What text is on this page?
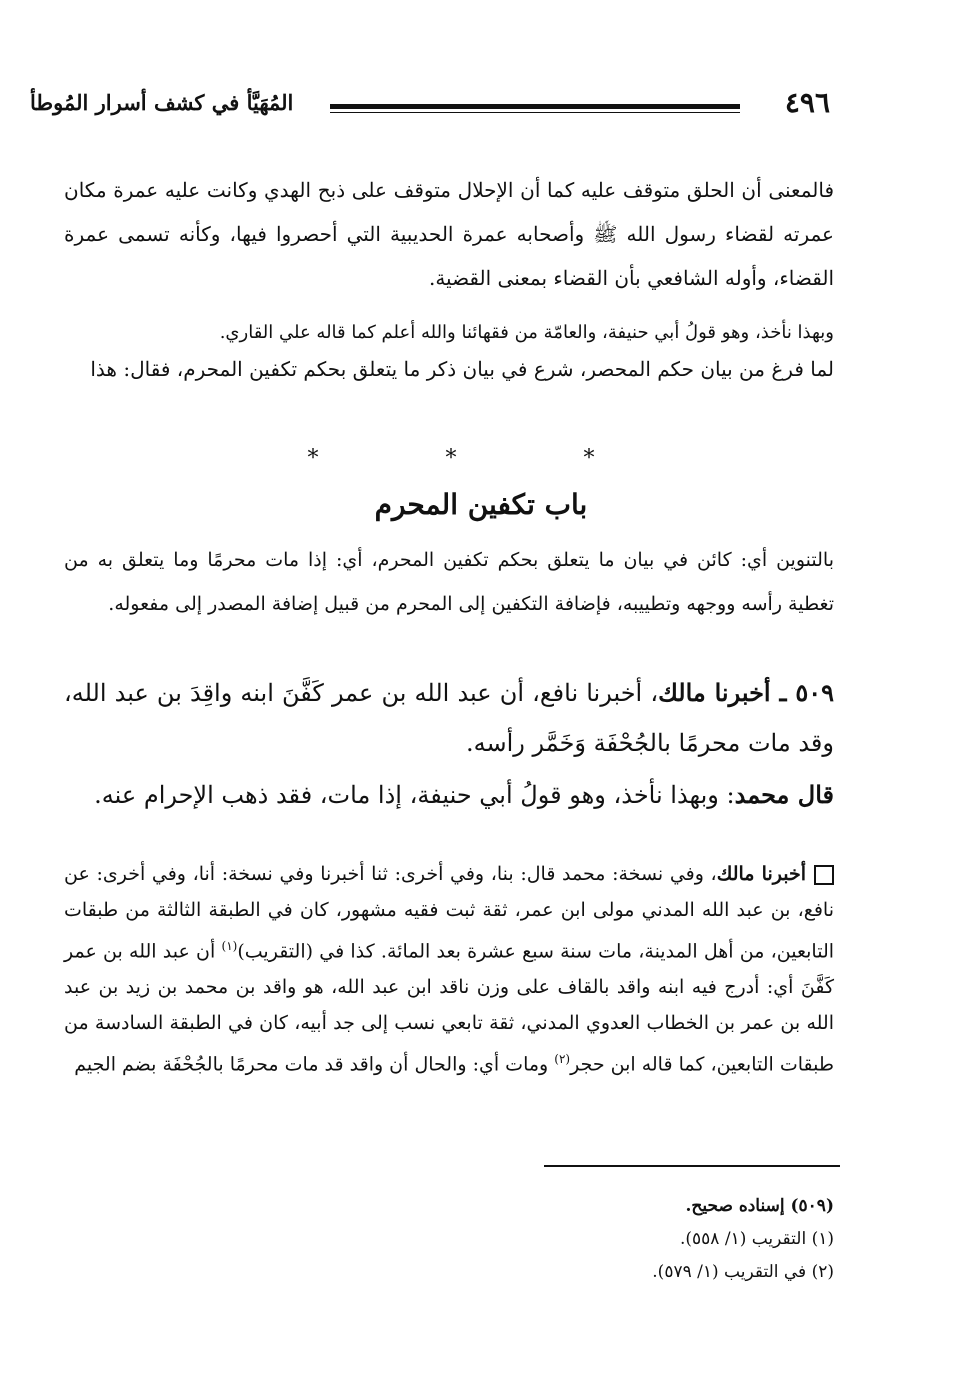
٤٩٦
المُهَيَّأ في كشف أسرار المُوطأ

فالمعنى أن الحلق متوقف عليه كما أن الإحلال متوقف على ذبح الهدي وكانت عليه عمرة مكان عمرته لقضاء رسول الله ﷺ وأصحابه عمرة الحديبية التي أحصروا فيها، وكأنه تسمى عمرة القضاء، وأوله الشافعي بأن القضاء بمعنى القضية.

وبهذا نأخذ، وهو قولُ أبي حنيفة، والعامّة من فقهائنا والله أعلم كما قاله علي القاري.

لما فرغ من بيان حكم المحصر، شرع في بيان ذكر ما يتعلق بحكم تكفين المحرم، فقال: هذا

* * *
باب تكفين المحرم

بالتنوين أي: كائن في بيان ما يتعلق بحكم تكفين المحرم، أي: إذا مات محرمًا وما يتعلق به من تغطية رأسه ووجهه وتطييبه، فإضافة التكفين إلى المحرم من قبيل إضافة المصدر إلى مفعوله.

٥٠٩ ـ أخبرنا مالك، أخبرنا نافع، أن عبد الله بن عمر كَفَّنَ ابنه واقِدَ بن عبد الله، وقد مات محرمًا بالجُحْفَة وَخَمَّر رأسه.

قال محمد: وبهذا نأخذ، وهو قولُ أبي حنيفة، إذا مات، فقد ذهب الإحرام عنه.

أخبرنا مالك، وفي نسخة: محمد قال: بنا، وفي أخرى: ثنا أخبرنا وفي نسخة: أنا، وفي أخرى: عن نافع، بن عبد الله المدني مولى ابن عمر، ثقة ثبت فقيه مشهور، كان في الطبقة الثالثة من طبقات التابعين، من أهل المدينة، مات سنة سبع عشرة بعد المائة. كذا في (التقريب)$^{(١)}$ أن عبد الله بن عمر كَفَّنَ أي: أدرج فيه ابنه واقد بالقاف على وزن ناقد ابن عبد الله، هو واقد بن محمد بن زيد بن عبد الله بن عمر بن الخطاب العدوي المدني، ثقة تابعي نسب إلى جد أبيه، كان في الطبقة السادسة من طبقات التابعين، كما قاله ابن حجر$^{(٢)}$ ومات أي: والحال أن واقد قد مات محرمًا بالجُحْفَة بضم الجيم

(٥٠٩) إسناده صحيح.
(١) التقريب (١/ ٥٥٨).
(٢) في التقريب (١/ ٥٧٩).
